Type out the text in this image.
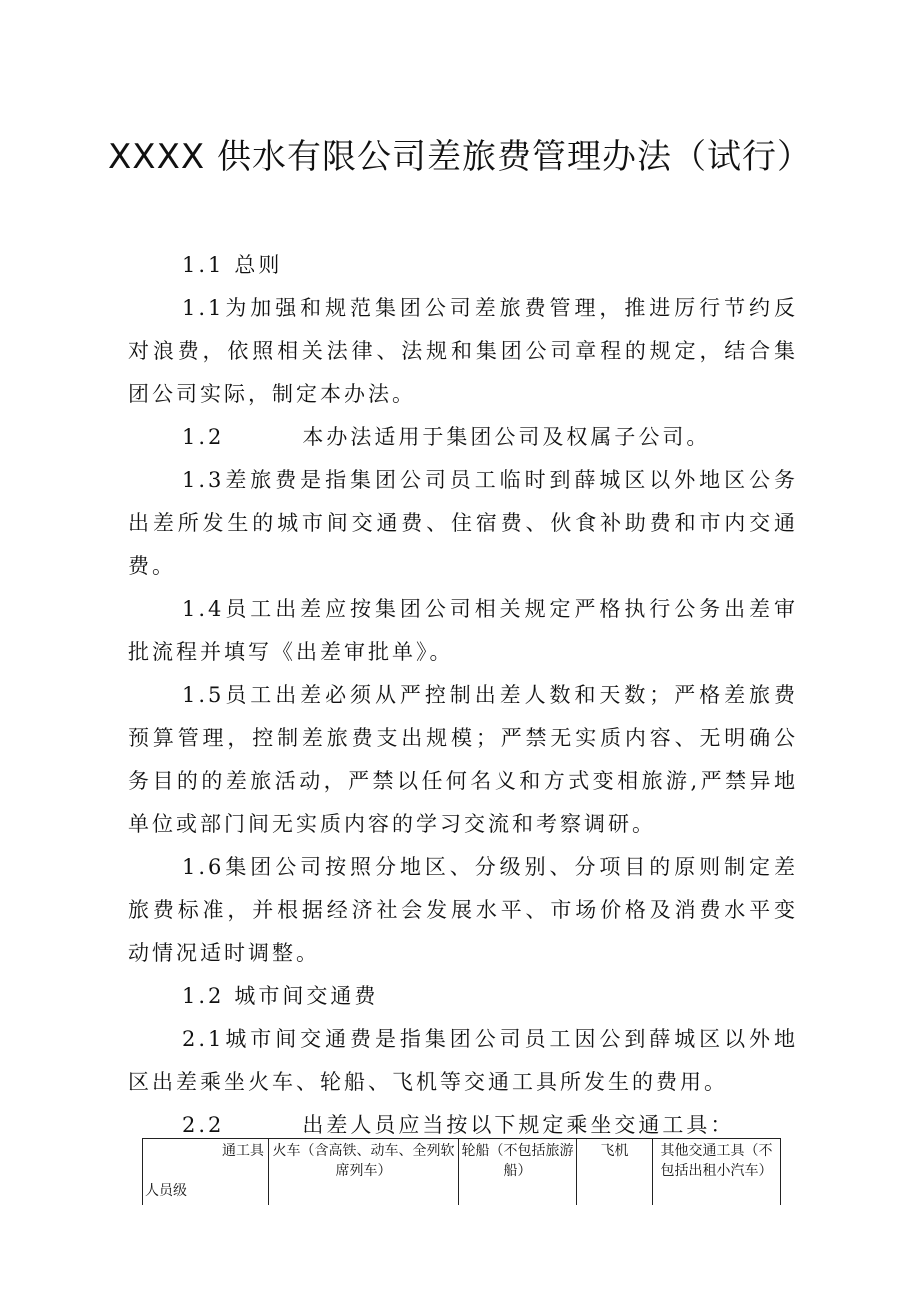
XXXX 供水有限公司差旅费管理办法（试行）

1.1 总则

1.1为加强和规范集团公司差旅费管理，推进厉行节约反对浪费，依照相关法律、法规和集团公司章程的规定，结合集团公司实际，制定本办法。

1.2	本办法适用于集团公司及权属子公司。

1.3差旅费是指集团公司员工临时到薛城区以外地区公务出差所发生的城市间交通费、住宿费、伙食补助费和市内交通费。

1.4员工出差应按集团公司相关规定严格执行公务出差审批流程并填写《出差审批单》。

1.5员工出差必须从严控制出差人数和天数；严格差旅费预算管理，控制差旅费支出规模；严禁无实质内容、无明确公务目的的差旅活动，严禁以任何名义和方式变相旅游,严禁异地单位或部门间无实质内容的学习交流和考察调研。

1.6集团公司按照分地区、分级别、分项目的原则制定差旅费标准，并根据经济社会发展水平、市场价格及消费水平变动情况适时调整。

1.2 城市间交通费

2.1城市间交通费是指集团公司员工因公到薛城区以外地区出差乘坐火车、轮船、飞机等交通工具所发生的费用。

2.2	出差人员应当按以下规定乘坐交通工具：

通工具
人员级
	火车（含高铁、动车、全列软席列车）	轮船（不包括旅游船）	飞机	其他交通工具（不包括出租小汽车）
